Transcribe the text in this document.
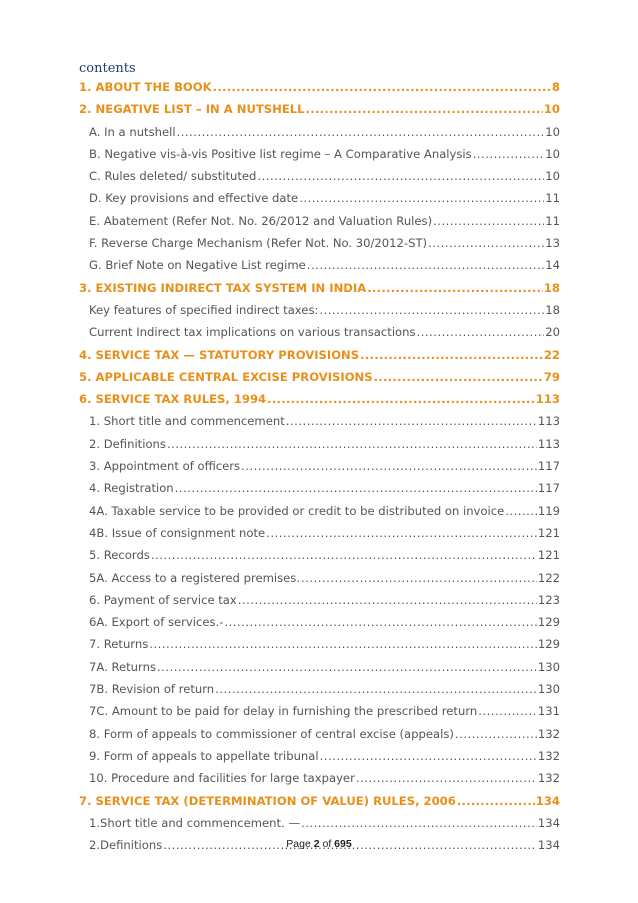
contents
1. ABOUT THE BOOK .....	8
2. NEGATIVE LIST – IN A NUTSHELL .....	10
A. In a nutshell .....	10
B. Negative vis-à-vis Positive list regime – A Comparative Analysis .....	10
C. Rules deleted/ substituted .....	10
D. Key provisions and effective date .....	11
E. Abatement (Refer Not. No. 26/2012 and Valuation Rules) .....	11
F. Reverse Charge Mechanism (Refer Not. No. 30/2012-ST) .....	13
G. Brief Note on Negative List regime .....	14
3. EXISTING INDIRECT TAX SYSTEM IN INDIA .....	18
Key features of specified indirect taxes: .....	18
Current Indirect tax implications on various transactions .....	20
4. SERVICE TAX — STATUTORY PROVISIONS .....	22
5. APPLICABLE CENTRAL EXCISE PROVISIONS .....	79
6. SERVICE TAX RULES, 1994 .....	113
1. Short title and commencement .....	113
2. Definitions .....	113
3. Appointment of officers .....	117
4. Registration .....	117
4A. Taxable service to be provided or credit to be distributed on invoice .....	119
4B. Issue of consignment note .....	121
5. Records .....	121
5A. Access to a registered premises. .....	122
6. Payment of service tax .....	123
6A. Export of services.- .....	129
7. Returns .....	129
7A. Returns .....	130
7B. Revision of return .....	130
7C. Amount to be paid for delay in furnishing the prescribed return .....	131
8. Form of appeals to commissioner of central excise (appeals) .....	132
9. Form of appeals to appellate tribunal .....	132
10. Procedure and facilities for large taxpayer .....	132
7. SERVICE TAX (DETERMINATION OF VALUE) RULES, 2006 .....	134
1.Short title and commencement. — .....	134
2.Definitions .....	134
Page 2 of 695
